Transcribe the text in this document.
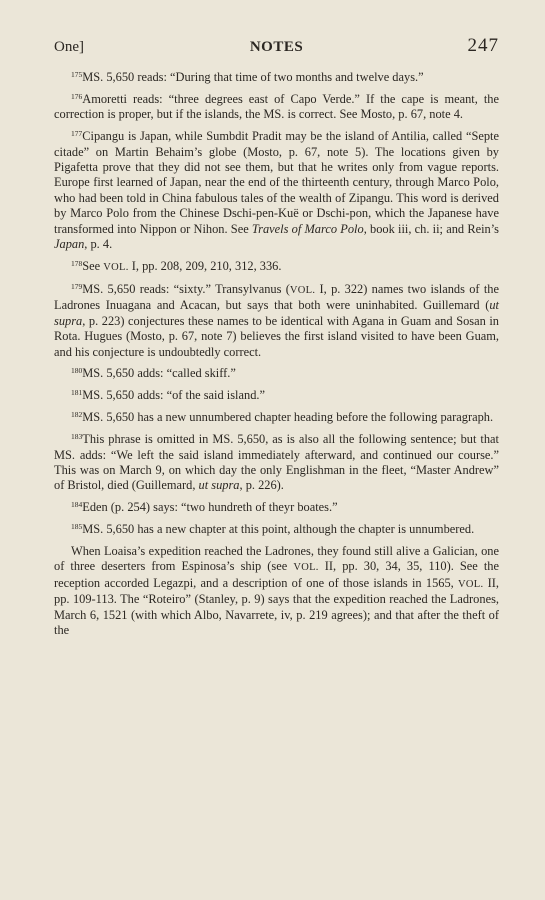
One]	NOTES	247

$^{175}$MS. 5,650 reads: “During that time of two months and twelve days.”

$^{176}$Amoretti reads: “three degrees east of Capo Verde.” If the cape is meant, the correction is proper, but if the islands, the MS. is correct. See Mosto, p. 67, note 4.

$^{177}$Cipangu is Japan, while Sumbdit Pradit may be the island of Antilia, called “Septe citade” on Martin Behaim’s globe (Mosto, p. 67, note 5). The locations given by Pigafetta prove that they did not see them, but that he writes only from vague reports. Europe first learned of Japan, near the end of the thirteenth century, through Marco Polo, who had been told in China fabulous tales of the wealth of Zipangu. This word is derived by Marco Polo from the Chinese Dschi-pen-Kuë or Dschi-pon, which the Japanese have transformed into Nippon or Nihon. See Travels of Marco Polo, book iii, ch. ii; and Rein’s Japan, p. 4.

$^{178}$See VOL. I, pp. 208, 209, 210, 312, 336.

$^{179}$MS. 5,650 reads: “sixty.” Transylvanus (VOL. I, p. 322) names two islands of the Ladrones Inuagana and Acacan, but says that both were uninhabited. Guillemard (ut supra, p. 223) conjectures these names to be identical with Agana in Guam and Sosan in Rota. Hugues (Mosto, p. 67, note 7) believes the first island visited to have been Guam, and his conjecture is undoubtedly correct.

$^{180}$MS. 5,650 adds: “called skiff.”

$^{181}$MS. 5,650 adds: “of the said island.”

$^{182}$MS. 5,650 has a new unnumbered chapter heading before the following paragraph.

$^{183}$This phrase is omitted in MS. 5,650, as is also all the following sentence; but that MS. adds: “We left the said island immediately afterward, and continued our course.” This was on March 9, on which day the only Englishman in the fleet, “Master Andrew” of Bristol, died (Guillemard, ut supra, p. 226).

$^{184}$Eden (p. 254) says: “two hundreth of theyr boates.”

$^{185}$MS. 5,650 has a new chapter at this point, although the chapter is unnumbered.

When Loaisa’s expedition reached the Ladrones, they found still alive a Galician, one of three deserters from Espinosa’s ship (see VOL. II, pp. 30, 34, 35, 110). See the reception accorded Legazpi, and a description of one of those islands in 1565, VOL. II, pp. 109-113. The “Roteiro” (Stanley, p. 9) says that the expedition reached the Ladrones, March 6, 1521 (with which Albo, Navarrete, iv, p. 219 agrees); and that after the theft of the
